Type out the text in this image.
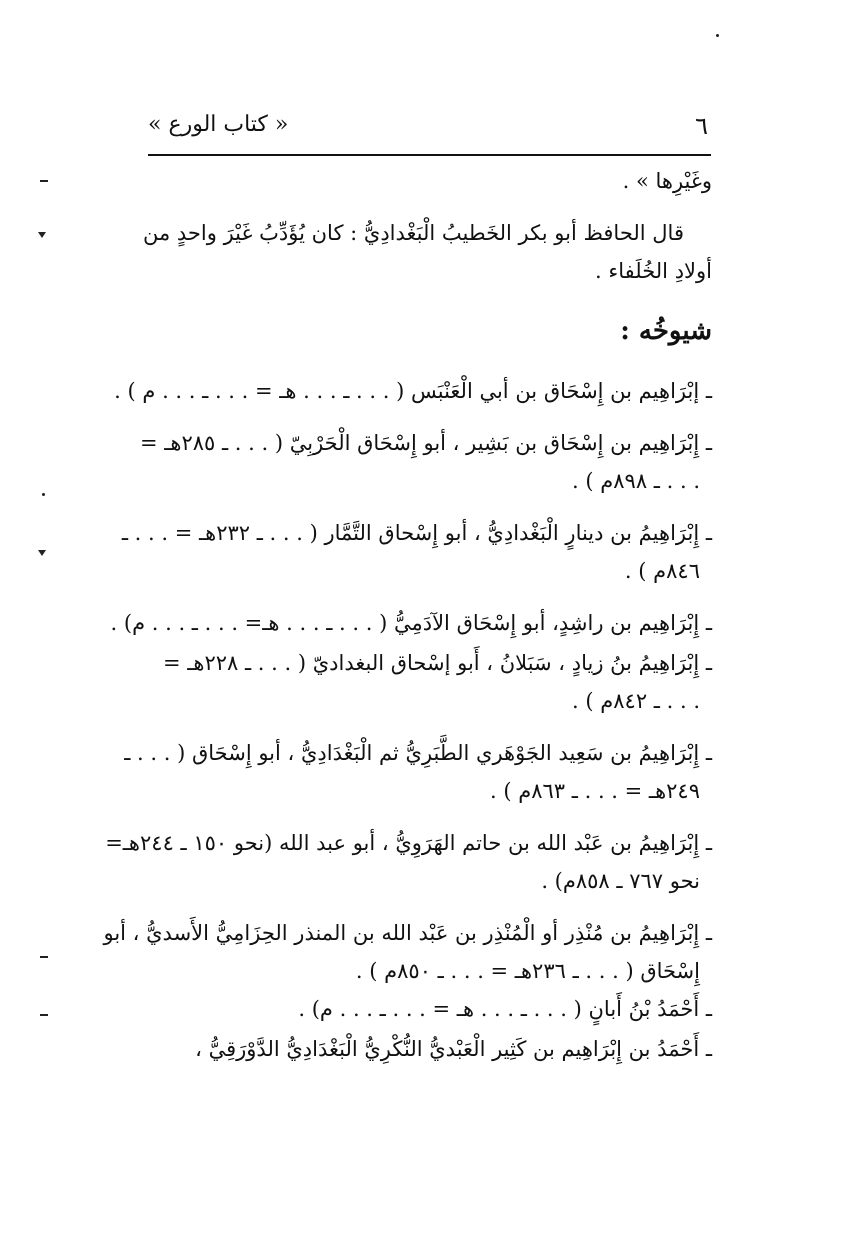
« كتاب الورع »	٦
وغَيْرِها » .
قال الحافظ أبو بكر الخَطيبُ الْبَغْدادِيُّ : كان يُؤَدِّبُ غَيْرَ واحدٍ من
أولادِ الخُلَفاء .
شيوخُه :
ـ إبْرَاهِيم بن إِسْحَاق بن أبي الْعَنْبَس ( . . . ـ . . . هـ = . . . ـ . . . م ) .
ـ إِبْرَاهِيم بن إِسْحَاق بن بَشِير ، أبو إِسْحَاق الْحَرْبِيّ ( . . . ـ ٢٨٥هـ =
. . . ـ ٨٩٨م ) .
ـ إِبْرَاهِيمُ بن دينارٍ الْبَغْدادِيُّ ، أبو إِسْحاق التَّمَّار ( . . . ـ ٢٣٢هـ = . . . ـ
٨٤٦م ) .
ـ إِبْرَاهِيم بن راشِدٍ، أبو إِسْحَاق الآدَمِيُّ ( . . . ـ . . . هـ= . . . ـ . . . م) .
ـ إِبْرَاهِيمُ بنُ زيادٍ ، سَبَلانُ ، أَبو إسْحاق البغداديّ ( . . . ـ ٢٢٨هـ =
. . . ـ ٨٤٢م ) .
ـ إِبْرَاهِيمُ بن سَعِيد الجَوْهَري الطَّبَرِيُّ ثم الْبَغْدَادِيُّ ، أبو إِسْحَاق ( . . . ـ
٢٤٩هـ = . . . ـ ٨٦٣م ) .
ـ إِبْرَاهِيمُ بن عَبْد الله بن حاتم الهَرَوِيُّ ، أبو عبد الله (نحو ١٥٠ ـ ٢٤٤هـ=
نحو ٧٦٧ ـ ٨٥٨م) .
ـ إِبْرَاهِيمُ بن مُنْذِر أو الْمُنْذِر بن عَبْد الله بن المنذر الحِزَامِيُّ الأَسديُّ ، أبو
إِسْحَاق ( . . . ـ ٢٣٦هـ = . . . ـ ٨٥٠م ) .
ـ أَحْمَدُ بْنُ أَبانٍ ( . . . ـ . . . هـ = . . . ـ . . . م) .
ـ أَحْمَدُ بن إِبْرَاهِيم بن كَثِير الْعَبْديُّ النُّكْرِيُّ الْبَغْدَادِيُّ الدَّوْرَقِيُّ ،
